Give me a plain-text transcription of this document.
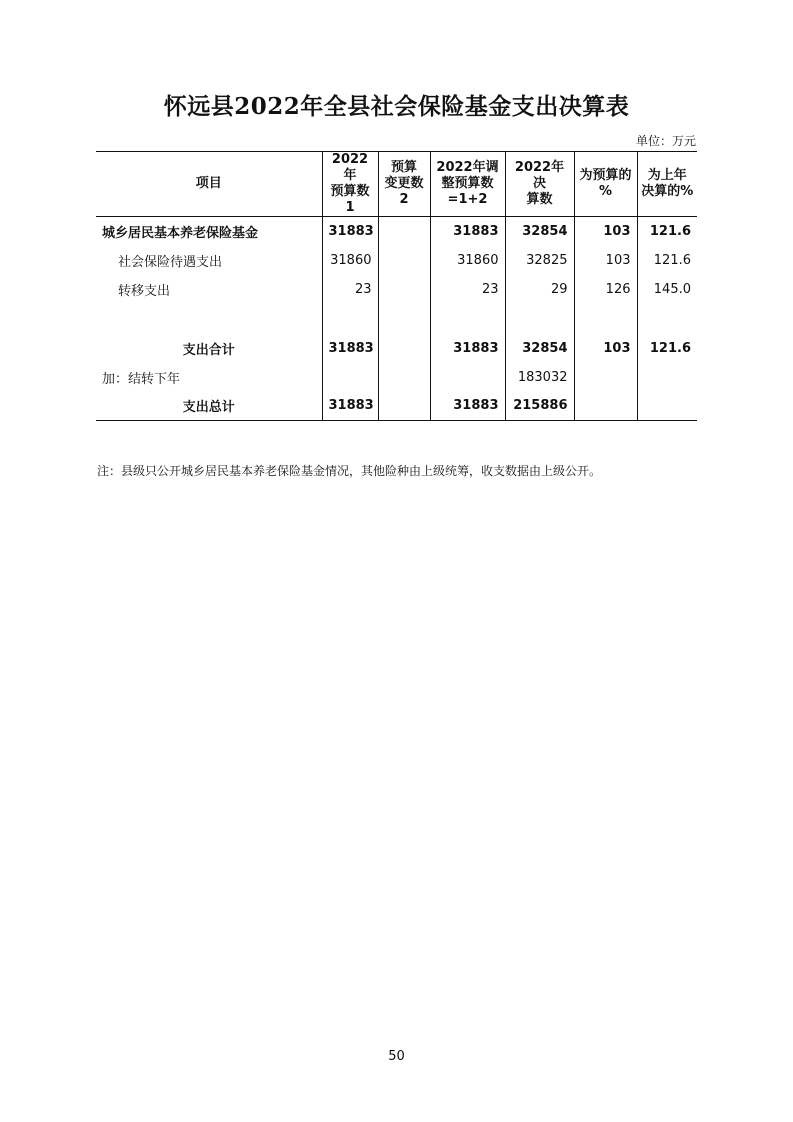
怀远县2022年全县社会保险基金支出决算表
单位：万元
项目	2022年
预算数
1	预算
变更数
2	2022年调
整预算数
=1+2	2022年决
算数	为预算的
%	为上年
决算的%
城乡居民基本养老保险基金	31883		31883	32854	103	121.6
社会保险待遇支出	31860		31860	32825	103	121.6
转移支出	23		23	29	126	145.0

支出合计	31883		31883	32854	103	121.6
加：结转下年				183032		
支出总计	31883		31883	215886		
注：县级只公开城乡居民基本养老保险基金情况，其他险种由上级统筹，收支数据由上级公开。
50
